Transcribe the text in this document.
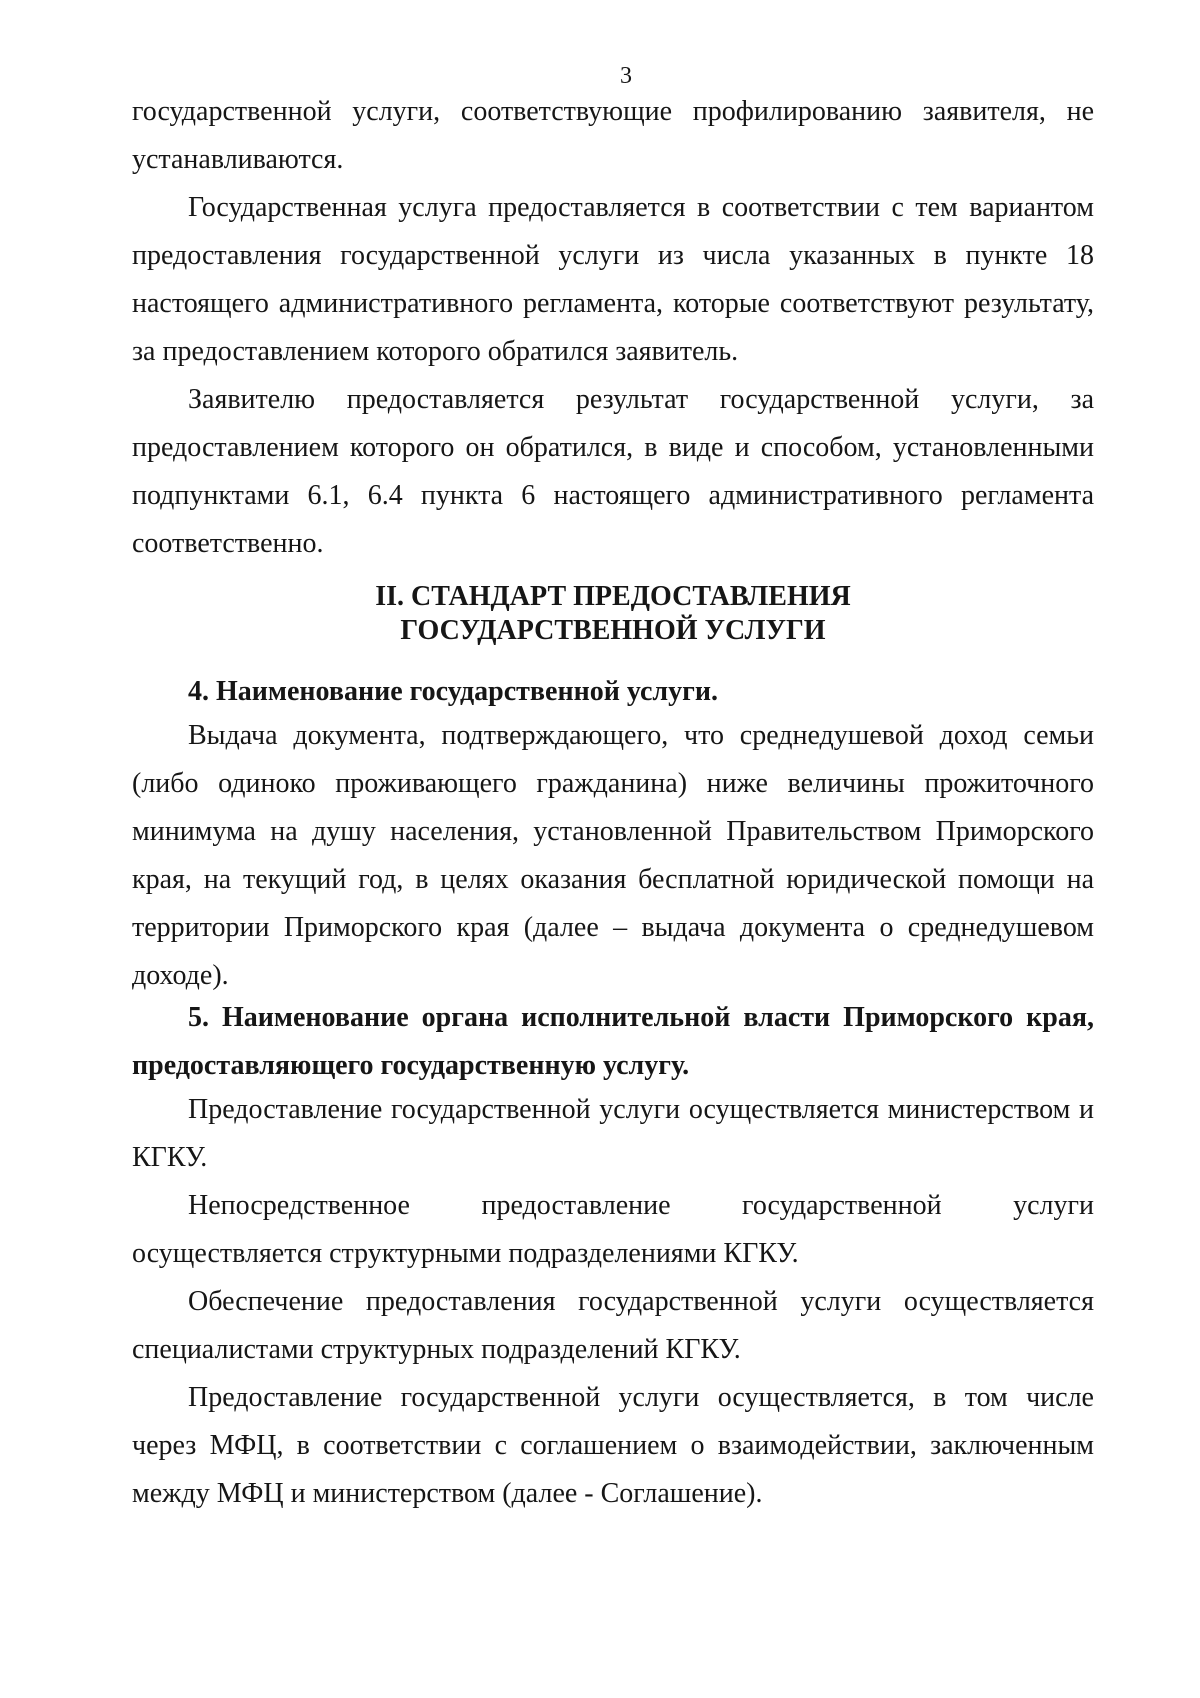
3

государственной услуги, соответствующие профилированию заявителя, не устанавливаются.

Государственная услуга предоставляется в соответствии с тем вариантом предоставления государственной услуги из числа указанных в пункте 18 настоящего административного регламента, которые соответствуют результату, за предоставлением которого обратился заявитель.

Заявителю предоставляется результат государственной услуги, за предоставлением которого он обратился, в виде и способом, установленными подпунктами 6.1, 6.4 пункта 6 настоящего административного регламента соответственно.

II. СТАНДАРТ ПРЕДОСТАВЛЕНИЯ
ГОСУДАРСТВЕННОЙ УСЛУГИ
4. Наименование государственной услуги.

Выдача документа, подтверждающего, что среднедушевой доход семьи (либо одиноко проживающего гражданина) ниже величины прожиточного минимума на душу населения, установленной Правительством Приморского края, на текущий год, в целях оказания бесплатной юридической помощи на территории Приморского края (далее – выдача документа о среднедушевом доходе).

5. Наименование органа исполнительной власти Приморского края, предоставляющего государственную услугу.

Предоставление государственной услуги осуществляется министерством и КГКУ.

Непосредственное предоставление государственной услуги осуществляется структурными подразделениями КГКУ.

Обеспечение предоставления государственной услуги осуществляется специалистами структурных подразделений КГКУ.

Предоставление государственной услуги осуществляется, в том числе через МФЦ, в соответствии с соглашением о взаимодействии, заключенным между МФЦ и министерством (далее - Соглашение).
